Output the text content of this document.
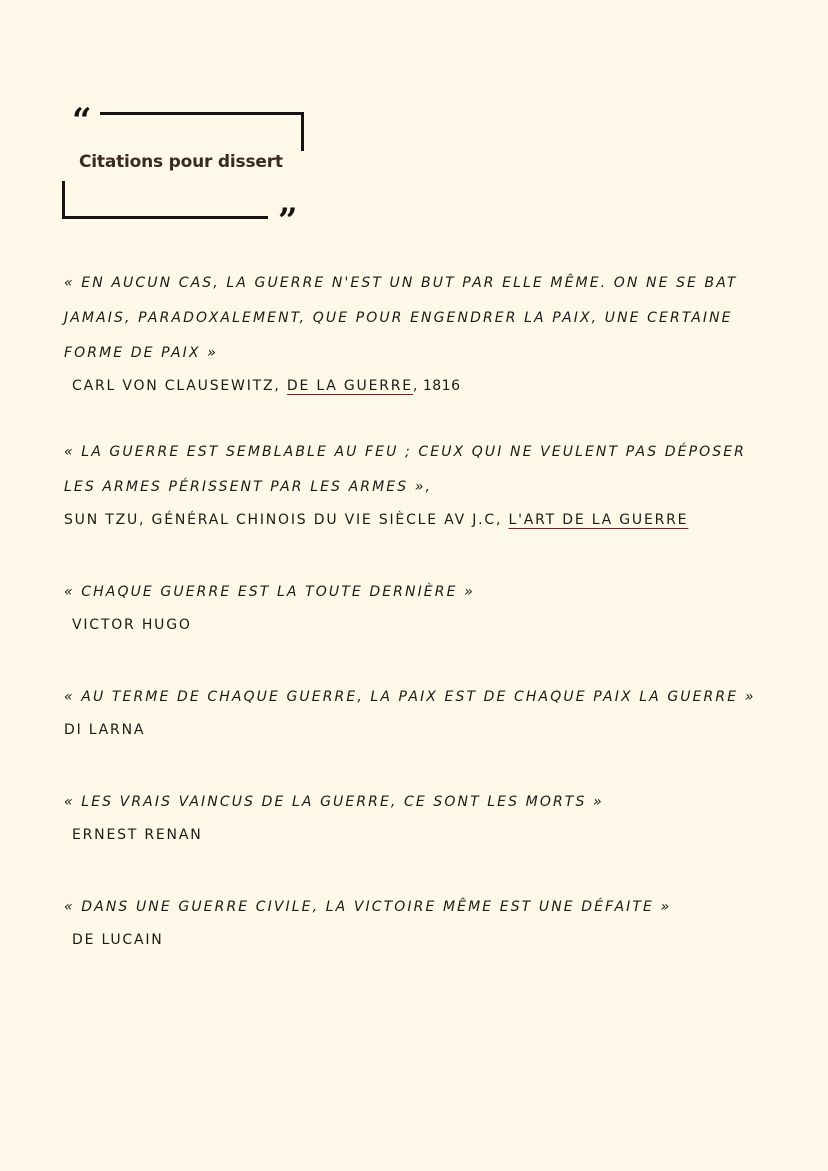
“
Citations pour dissert
”

« EN AUCUN CAS, LA GUERRE N'EST UN BUT PAR ELLE MÊME. ON NE SE BAT JAMAIS, PARADOXALEMENT, QUE POUR ENGENDRER LA PAIX, UNE CERTAINE FORME DE PAIX »

CARL VON CLAUSEWITZ, DE LA GUERRE, 1816

« LA GUERRE EST SEMBLABLE AU FEU ; CEUX QUI NE VEULENT PAS DÉPOSER LES ARMES PÉRISSENT PAR LES ARMES »,

SUN TZU, GÉNÉRAL CHINOIS DU VIE SIÈCLE AV J.C, L'ART DE LA GUERRE

« CHAQUE GUERRE EST LA TOUTE DERNIÈRE »

VICTOR HUGO

« AU TERME DE CHAQUE GUERRE, LA PAIX EST DE CHAQUE PAIX LA GUERRE »

DI LARNA

« LES VRAIS VAINCUS DE LA GUERRE, CE SONT LES MORTS »

ERNEST RENAN

« DANS UNE GUERRE CIVILE, LA VICTOIRE MÊME EST UNE DÉFAITE »

DE LUCAIN
